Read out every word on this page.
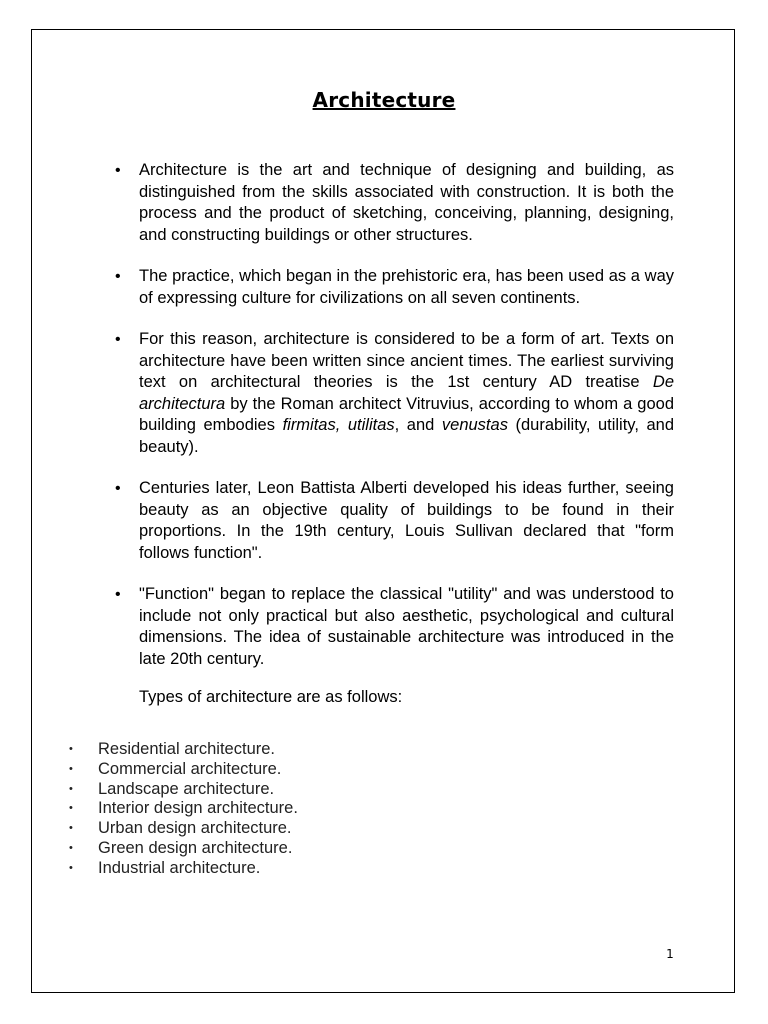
Architecture
• Architecture is the art and technique of designing and building, as distinguished from the skills associated with construction. It is both the process and the product of sketching, conceiving, planning, designing, and constructing buildings or other structures.
• The practice, which began in the prehistoric era, has been used as a way of expressing culture for civilizations on all seven continents.
• For this reason, architecture is considered to be a form of art. Texts on architecture have been written since ancient times. The earliest surviving text on architectural theories is the 1st century AD treatise De architectura by the Roman architect Vitruvius, according to whom a good building embodies firmitas, utilitas, and venustas (durability, utility, and beauty).
• Centuries later, Leon Battista Alberti developed his ideas further, seeing beauty as an objective quality of buildings to be found in their proportions. In the 19th century, Louis Sullivan declared that "form follows function".
• "Function" began to replace the classical "utility" and was understood to include not only practical but also aesthetic, psychological and cultural dimensions. The idea of sustainable architecture was introduced in the late 20th century.
Types of architecture are as follows:
• Residential architecture.
• Commercial architecture.
• Landscape architecture.
• Interior design architecture.
• Urban design architecture.
• Green design architecture.
• Industrial architecture.
1
